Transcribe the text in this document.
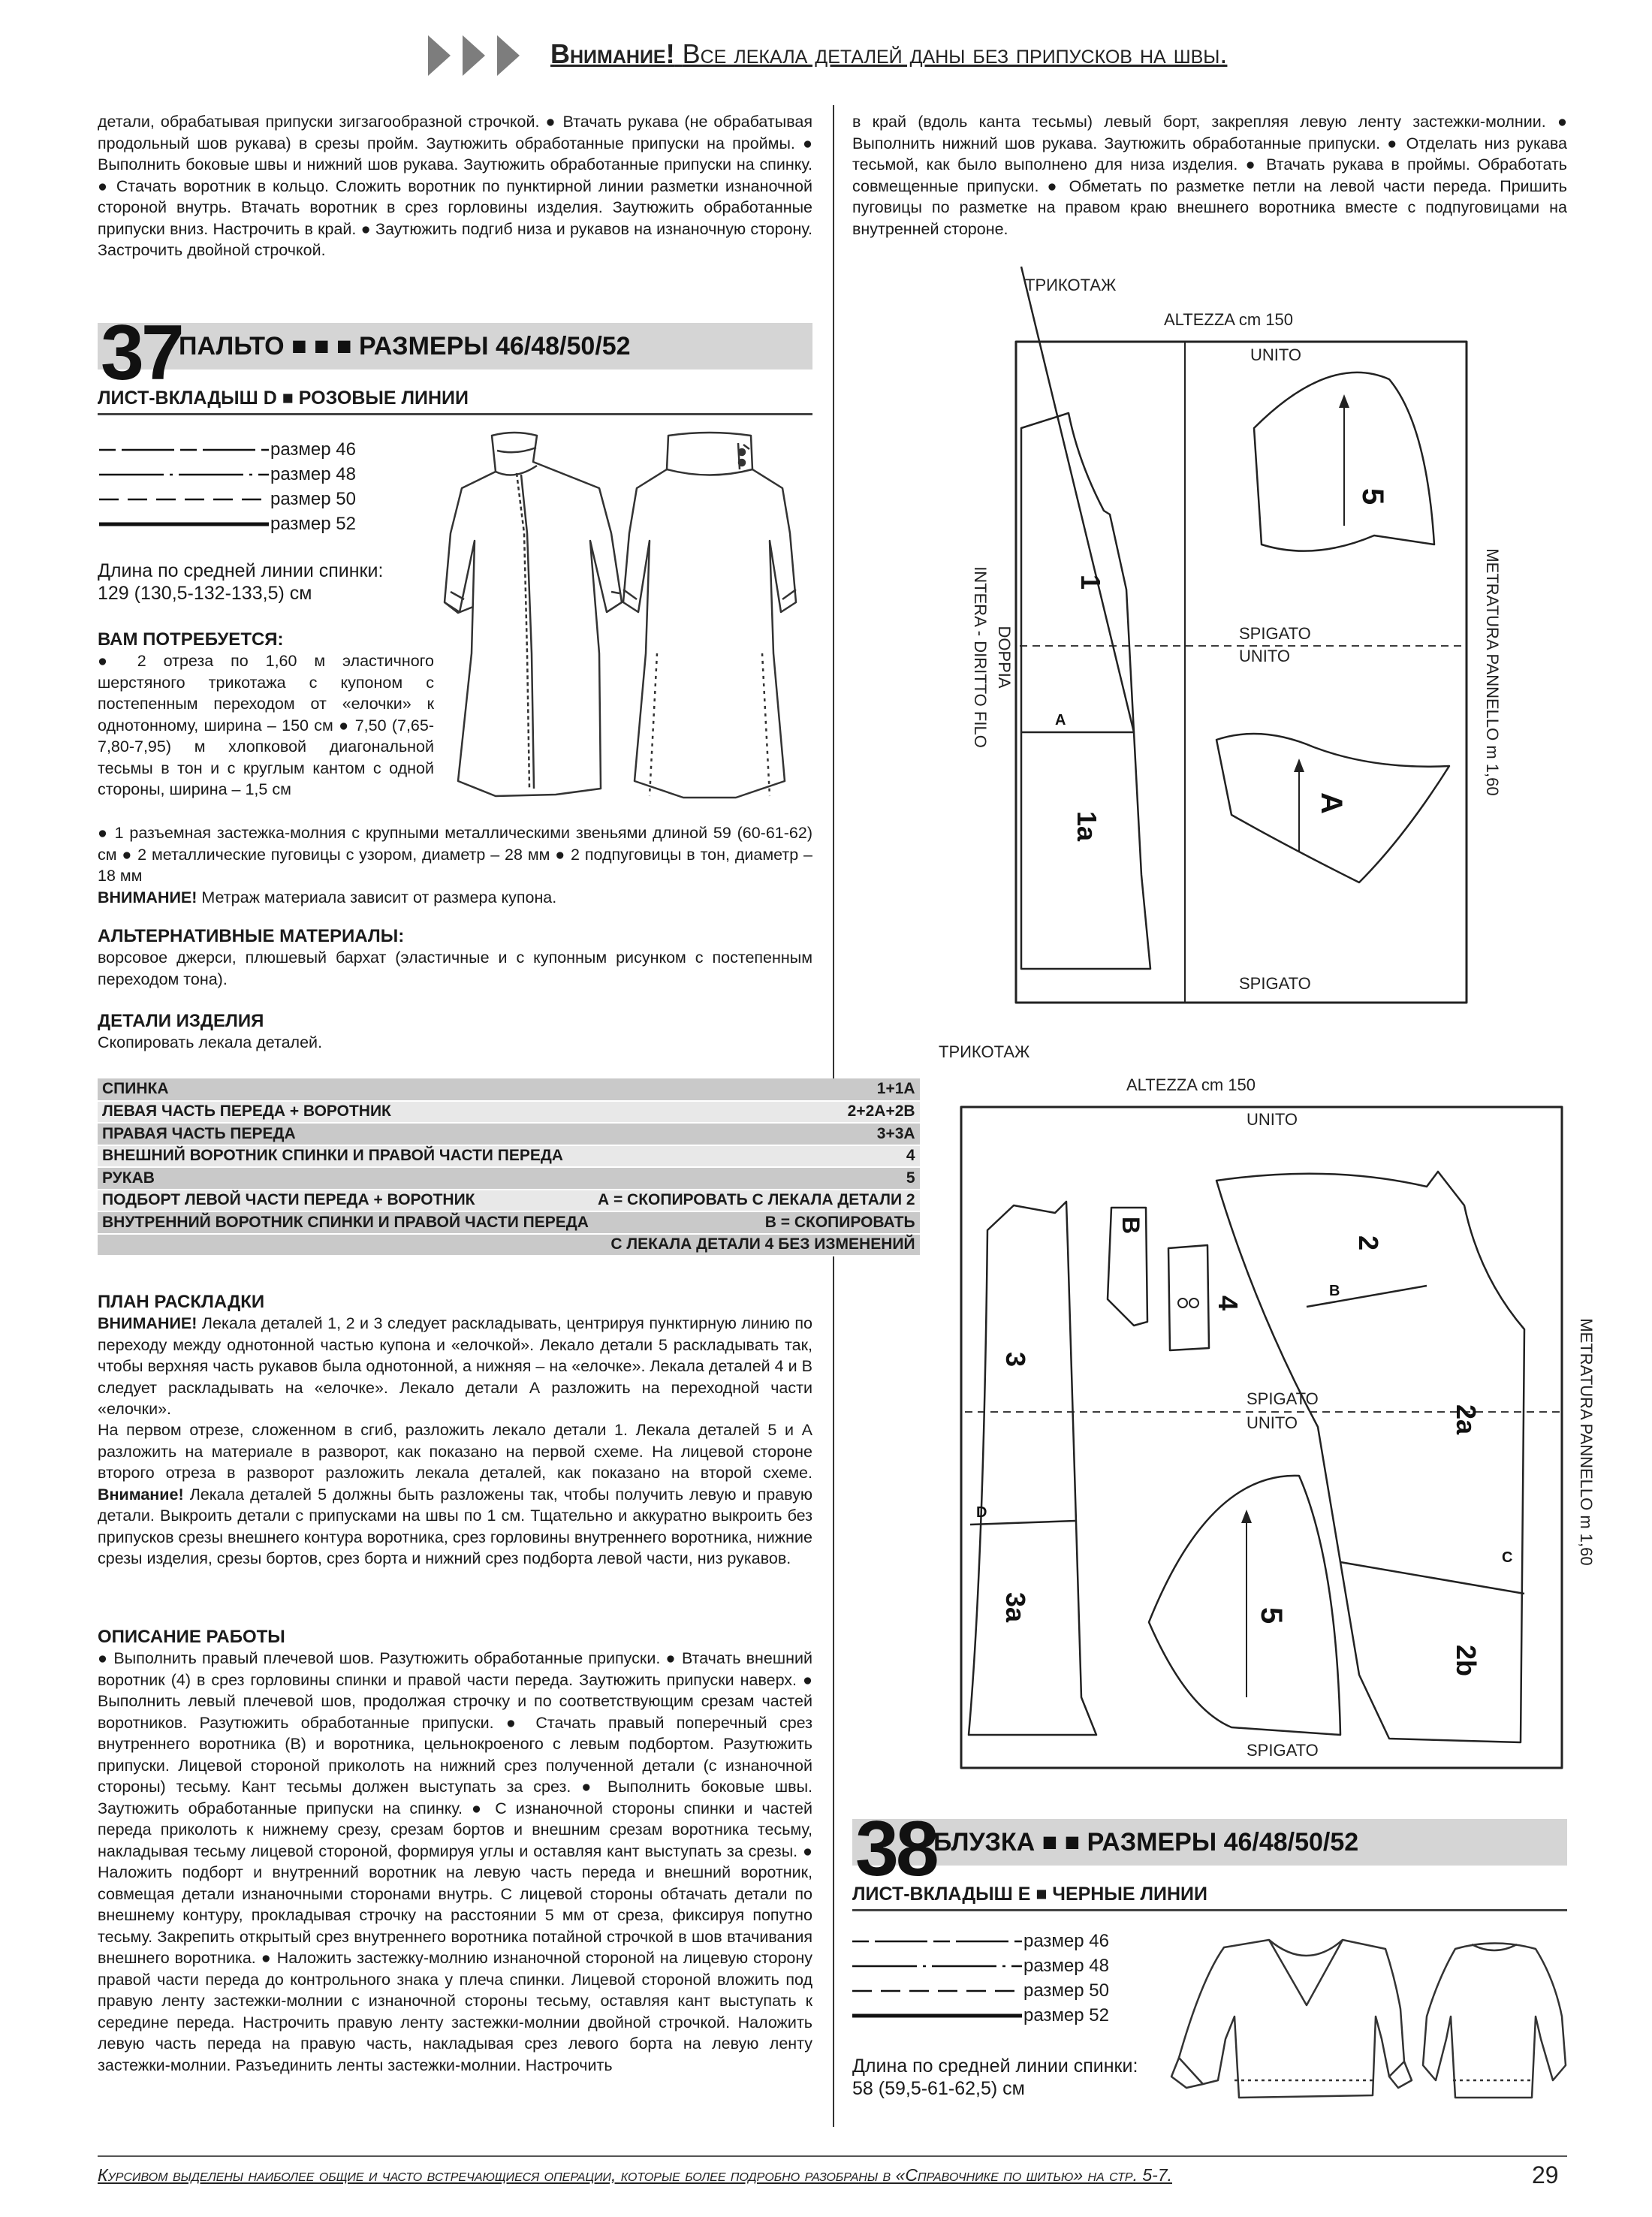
Внимание! Все лекала деталей даны без припусков на швы.
детали, обрабатывая припуски зигзагообразной строчкой. ● Втачать рукава (не обрабатывая продольный шов рукава) в срезы пройм. Заутюжить обработанные припуски на проймы. ● Выполнить боковые швы и нижний шов рукава. Заутюжить обработанные припуски на спинку. ● Стачать воротник в кольцо. Сложить воротник по пунктирной линии разметки изнаночной стороной внутрь. Втачать воротник в срез горловины изделия. Заутюжить обработанные припуски вниз. Настрочить в край. ● Заутюжить подгиб низа и рукавов на изнаночную сторону. Застрочить двойной строчкой.
37
ПАЛЬТО ■ ■ ■ РАЗМЕРЫ 46/48/50/52
ЛИСТ-ВКЛАДЫШ D ■ РОЗОВЫЕ ЛИНИИ
размер 46
размер 48
размер 50
размер 52
Длина по средней линии спинки:
129 (130,5-132-133,5) см
ВАМ ПОТРЕБУЕТСЯ:
● 2 отреза по 1,60 м эластичного шерстяного трикотажа с купоном с постепенным переходом от «елочки» к однотонному, ширина – 150 см ● 7,50 (7,65-7,80-7,95) м хлопковой диагональной тесьмы в тон и с круглым кантом с одной стороны, ширина – 1,5 см
● 1 разъемная застежка-молния с крупными металлическими звеньями длиной 59 (60-61-62) см ● 2 металлические пуговицы с узором, диаметр – 28 мм ● 2 подпуговицы в тон, диаметр – 18 мм
ВНИМАНИЕ! Метраж материала зависит от размера купона.
АЛЬТЕРНАТИВНЫЕ МАТЕРИАЛЫ:
ворсовое джерси, плюшевый бархат (эластичные и с купонным рисунком с постепенным переходом тона).
ДЕТАЛИ ИЗДЕЛИЯ
Скопировать лекала деталей.
СПИНКА	1+1А
ЛЕВАЯ ЧАСТЬ ПЕРЕДА + ВОРОТНИК	2+2А+2В
ПРАВАЯ ЧАСТЬ ПЕРЕДА	3+3А
ВНЕШНИЙ ВОРОТНИК СПИНКИ И ПРАВОЙ ЧАСТИ ПЕРЕДА	4
РУКАВ	5
ПОДБОРТ ЛЕВОЙ ЧАСТИ ПЕРЕДА + ВОРОТНИК	А = СКОПИРОВАТЬ С ЛЕКАЛА ДЕТАЛИ 2
ВНУТРЕННИЙ ВОРОТНИК СПИНКИ И ПРАВОЙ ЧАСТИ ПЕРЕДА	В = СКОПИРОВАТЬ
	С ЛЕКАЛА ДЕТАЛИ 4 БЕЗ ИЗМЕНЕНИЙ
ПЛАН РАСКЛАДКИ
ВНИМАНИЕ! Лекала деталей 1, 2 и 3 следует раскладывать, центрируя пунктирную линию по переходу между однотонной частью купона и «елочкой». Лекало детали 5 раскладывать так, чтобы верхняя часть рукавов была однотонной, а нижняя – на «елочке». Лекала деталей 4 и В следует раскладывать на «елочке». Лекало детали А разложить на переходной части «елочки».
На первом отрезе, сложенном в сгиб, разложить лекало детали 1. Лекала деталей 5 и А разложить на материале в разворот, как показано на первой схеме. На лицевой стороне второго отреза в разворот разложить лекала деталей, как показано на второй схеме. Внимание! Лекала деталей 5 должны быть разложены так, чтобы получить левую и правую детали. Выкроить детали с припусками на швы по 1 см. Тщательно и аккуратно выкроить без припусков срезы внешнего контура воротника, срез горловины внутреннего воротника, нижние срезы изделия, срезы бортов, срез борта и нижний срез подборта левой части, низ рукавов.
ОПИСАНИЕ РАБОТЫ
● Выполнить правый плечевой шов. Разутюжить обработанные припуски. ● Втачать внешний воротник (4) в срез горловины спинки и правой части переда. Заутюжить припуски наверх. ● Выполнить левый плечевой шов, продолжая строчку и по соответствующим срезам частей воротников. Разутюжить обработанные припуски. ● Стачать правый поперечный срез внутреннего воротника (В) и воротника, цельнокроеного с левым подбортом. Разутюжить припуски. Лицевой стороной приколоть на нижний срез полученной детали (с изнаночной стороны) тесьму. Кант тесьмы должен выступать за срез. ● Выполнить боковые швы. Заутюжить обработанные припуски на спинку. ● С изнаночной стороны спинки и частей переда приколоть к нижнему срезу, срезам бортов и внешним срезам воротника тесьму, накладывая тесьму лицевой стороной, формируя углы и оставляя кант выступать за срезы. ● Наложить подборт и внутренний воротник на левую часть переда и внешний воротник, совмещая детали изнаночными сторонами внутрь. С лицевой стороны обтачать детали по внешнему контуру, прокладывая строчку на расстоянии 5 мм от среза, фиксируя попутно тесьму. Закрепить открытый срез внутреннего воротника потайной строчкой в шов втачивания внешнего воротника. ● Наложить застежку-молнию изнаночной стороной на лицевую сторону правой части переда до контрольного знака у плеча спинки. Лицевой стороной вложить под правую ленту застежки-молнии с изнаночной стороны тесьму, оставляя кант выступать к середине переда. Настрочить правую ленту застежки-молнии двойной строчкой. Наложить левую часть переда на правую часть, накладывая срез левого борта на левую ленту застежки-молнии. Разъединить ленты застежки-молнии. Настрочить
в край (вдоль канта тесьмы) левый борт, закрепляя левую ленту застежки-молнии. ● Выполнить нижний шов рукава. Заутюжить обработанные припуски. ● Отделать низ рукава тесьмой, как было выполнено для низа изделия. ● Втачать рукава в проймы. Обработать совмещенные припуски. ● Обметать по разметке петли на левой части переда. Пришить пуговицы по разметке на правом краю внешнего воротника вместе с подпуговицами на внутренней стороне.
ТРИКОТАЖ
ALTEZZA cm 150
UNITO
SPIGATO
UNITO
SPIGATO
DOPPIA
INTERA - DIRITTO FILO	METRATURA PANNELLO m 1,60
1
1a
A
5
A
ТРИКОТАЖ
ALTEZZA cm 150
UNITO
SPIGATO
UNITO
SPIGATO
METRATURA PANNELLO m 1,60
3
3a
D
B
4
2
2a
2b
B
C
5
38
БЛУЗКА ■ ■ РАЗМЕРЫ 46/48/50/52
ЛИСТ-ВКЛАДЫШ Е ■ ЧЕРНЫЕ ЛИНИИ
размер 46
размер 48
размер 50
размер 52
Длина по средней линии спинки:
58 (59,5-61-62,5) см
Курсивом выделены наиболее общие и часто встречающиеся операции, которые более подробно разобраны в «Справочнике по шитью» на стр. 5-7.	29
